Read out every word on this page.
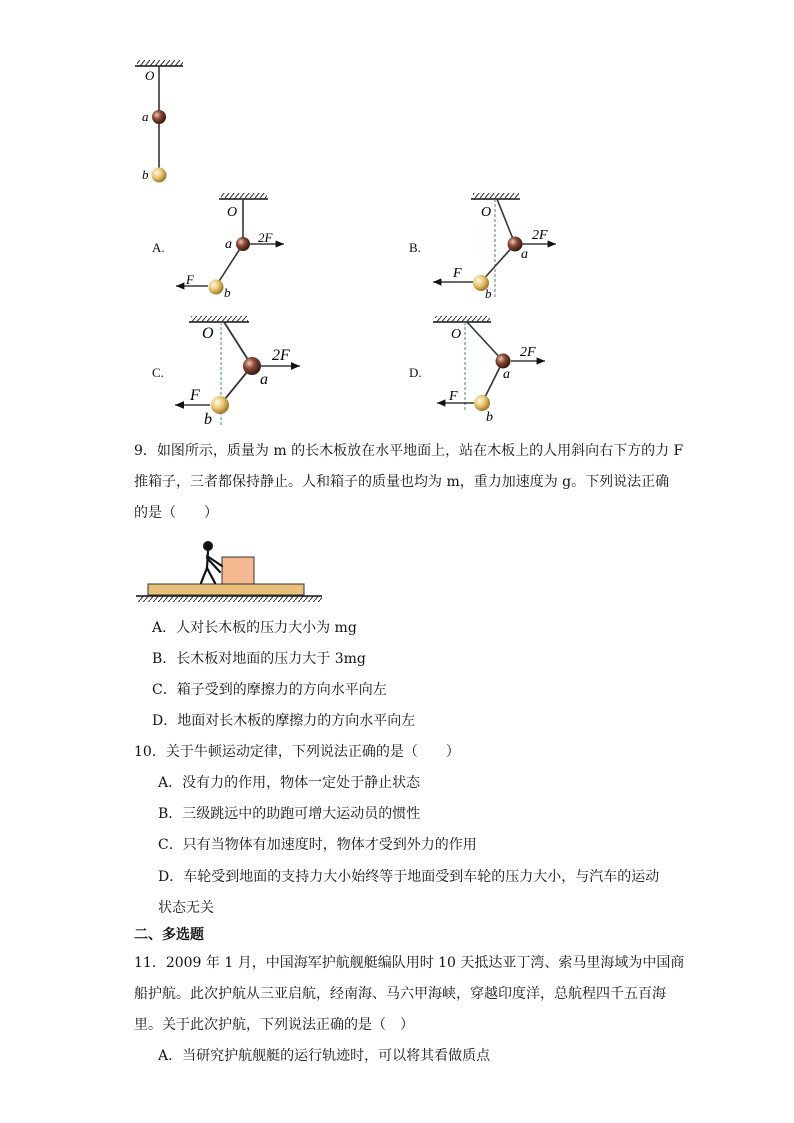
O
a
b
O
a
b
2F
F
O
a
b
2F
F
O
a
b
2F
F
O
a
b
2F
F
A.	B.
C.	D.
9．如图所示，质量为 m 的长木板放在水平地面上，站在木板上的人用斜向右下方的力 F
推箱子，三者都保持静止。人和箱子的质量也均为 m，重力加速度为 g。下列说法正确
的是（　　）
A．人对长木板的压力大小为 mg
B．长木板对地面的压力大于 3mg
C．箱子受到的摩擦力的方向水平向左
D．地面对长木板的摩擦力的方向水平向左
10．关于牛顿运动定律，下列说法正确的是（　　）
A．没有力的作用，物体一定处于静止状态
B．三级跳远中的助跑可增大运动员的惯性
C．只有当物体有加速度时，物体才受到外力的作用
D．车轮受到地面的支持力大小始终等于地面受到车轮的压力大小，与汽车的运动
状态无关
二、多选题
11．2009 年 1 月，中国海军护航舰艇编队用时 10 天抵达亚丁湾、索马里海域为中国商
船护航。此次护航从三亚启航，经南海、马六甲海峡，穿越印度洋，总航程四千五百海
里。关于此次护航，下列说法正确的是（　）
A．当研究护航舰艇的运行轨迹时，可以将其看做质点
